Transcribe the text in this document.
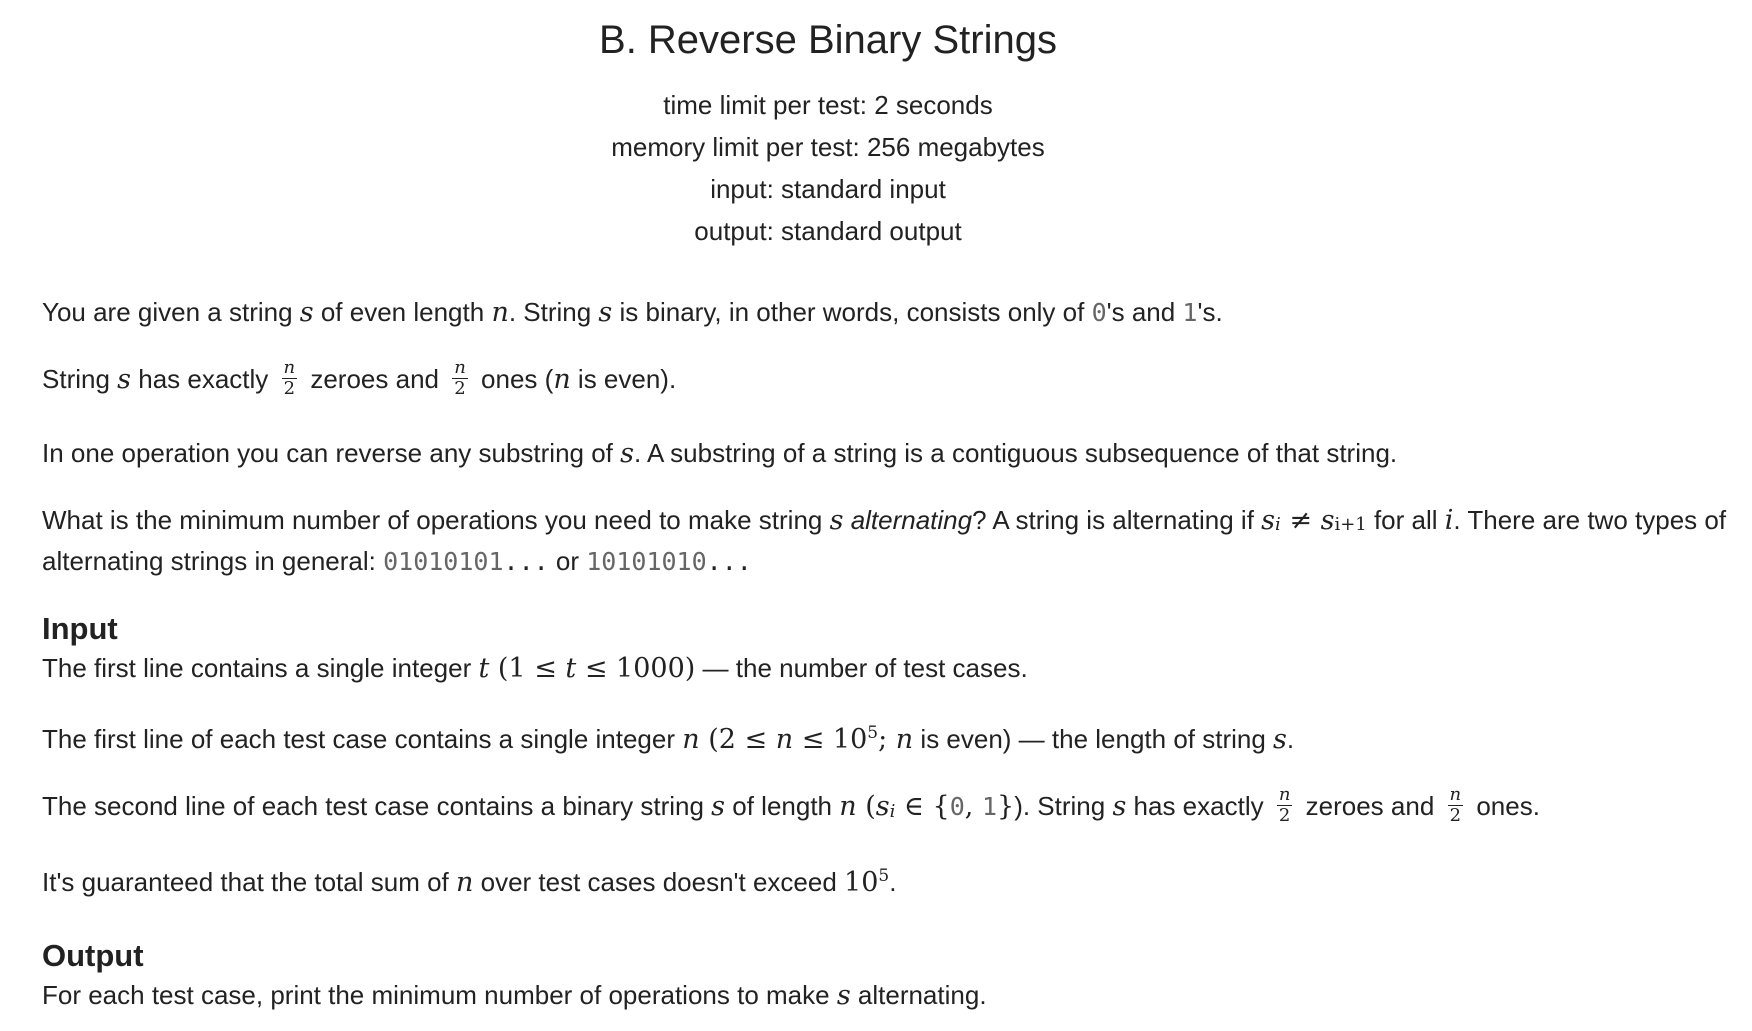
B. Reverse Binary Strings
time limit per test: 2 seconds
memory limit per test: 256 megabytes
input: standard input
output: standard output

You are given a string s of even length n. String s is binary, in other words, consists only of 0's and 1's.

String s has exactly $\frac{n}{2}$ zeroes and $\frac{n}{2}$ ones (n is even).

In one operation you can reverse any substring of s. A substring of a string is a contiguous subsequence of that string.

What is the minimum number of operations you need to make string s alternating? A string is alternating if $s_i \ne s_{i+1}$ for all i. There are two types of alternating strings in general: 01010101... or 10101010...

Input

The first line contains a single integer t (1 ≤ t ≤ 1000) — the number of test cases.

The first line of each test case contains a single integer n ($2 \le n \le 10^5$; n is even) — the length of string s.

The second line of each test case contains a binary string s of length n ($s_i$ ∈ {0, 1}). String s has exactly $\frac{n}{2}$ zeroes and $\frac{n}{2}$ ones.

It's guaranteed that the total sum of n over test cases doesn't exceed $10^5$.

Output

For each test case, print the minimum number of operations to make s alternating.
